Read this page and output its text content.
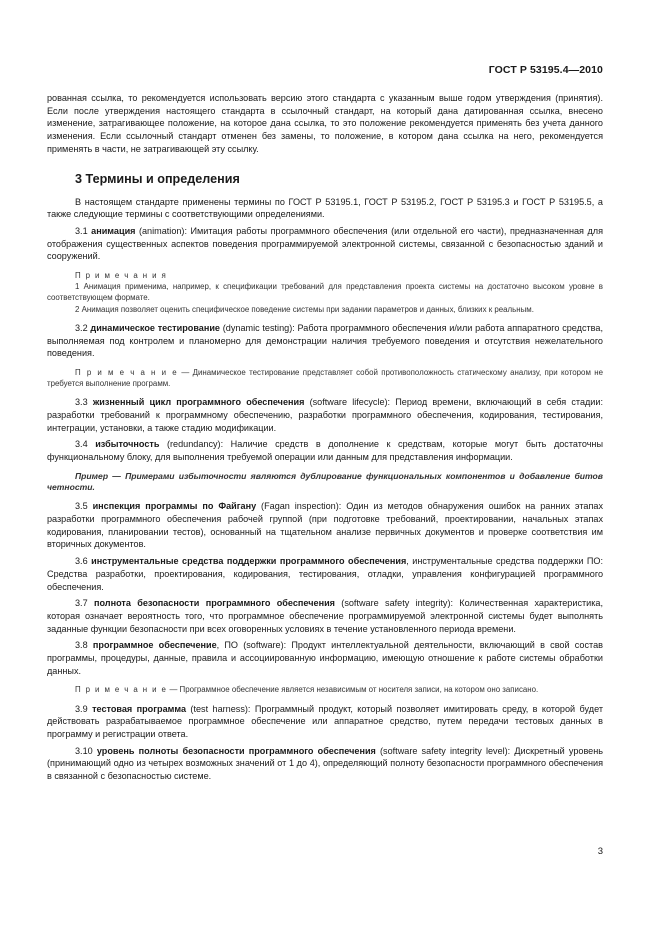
ГОСТ Р 53195.4—2010

рованная ссылка, то рекомендуется использовать версию этого стандарта с указанным выше годом утверждения (принятия). Если после утверждения настоящего стандарта в ссылочный стандарт, на который дана датированная ссылка, внесено изменение, затрагивающее положение, на которое дана ссылка, то это положение рекомендуется применять без учета данного изменения. Если ссылочный стандарт отменен без замены, то положение, в котором дана ссылка на него, рекомендуется применять в части, не затрагивающей эту ссылку.

3 Термины и определения

В настоящем стандарте применены термины по ГОСТ Р 53195.1, ГОСТ Р 53195.2, ГОСТ Р 53195.3 и ГОСТ Р 53195.5, а также следующие термины с соответствующими определениями.

3.1 анимация (animation): Имитация работы программного обеспечения (или отдельной его части), предназначенная для отображения существенных аспектов поведения программируемой электронной системы, связанной с безопасностью зданий и сооружений.

П р и м е ч а н и я

1 Анимация применима, например, к спецификации требований для представления проекта системы на достаточно высоком уровне в соответствующем формате.

2 Анимация позволяет оценить специфическое поведение системы при задании параметров и данных, близких к реальным.

3.2 динамическое тестирование (dynamic testing): Работа программного обеспечения и/или работа аппаратного средства, выполняемая под контролем и планомерно для демонстрации наличия требуемого поведения и отсутствия нежелательного поведения.

П р и м е ч а н и е — Динамическое тестирование представляет собой противоположность статическому анализу, при котором не требуется выполнение программ.

3.3 жизненный цикл программного обеспечения (software lifecycle): Период времени, включающий в себя стадии: разработки требований к программному обеспечению, разработки программного обеспечения, кодирования, тестирования, интеграции, установки, а также стадию модификации.

3.4 избыточность (redundancy): Наличие средств в дополнение к средствам, которые могут быть достаточны функциональному блоку, для выполнения требуемой операции или данным для представления информации.

Пример — Примерами избыточности являются дублирование функциональных компонентов и добавление битов четности.

3.5 инспекция программы по Файгану (Fagan inspection): Один из методов обнаружения ошибок на ранних этапах разработки программного обеспечения рабочей группой (при подготовке требований, проектировании, начальных этапах кодирования, планировании тестов), основанный на тщательном анализе первичных документов и проверке соответствия им вторичных документов.

3.6 инструментальные средства поддержки программного обеспечения, инструментальные средства поддержки ПО: Средства разработки, проектирования, кодирования, тестирования, отладки, управления конфигурацией программного обеспечения.

3.7 полнота безопасности программного обеспечения (software safety integrity): Количественная характеристика, которая означает вероятность того, что программное обеспечение программируемой электронной системы будет выполнять заданные функции безопасности при всех оговоренных условиях в течение установленного периода времени.

3.8 программное обеспечение, ПО (software): Продукт интеллектуальной деятельности, включающий в свой состав программы, процедуры, данные, правила и ассоциированную информацию, имеющую отношение к работе системы обработки данных.

П р и м е ч а н и е — Программное обеспечение является независимым от носителя записи, на котором оно записано.

3.9 тестовая программа (test harness): Программный продукт, который позволяет имитировать среду, в которой будет действовать разрабатываемое программное обеспечение или аппаратное средство, путем передачи тестовых данных в программу и регистрации ответа.

3.10 уровень полноты безопасности программного обеспечения (software safety integrity level): Дискретный уровень (принимающий одно из четырех возможных значений от 1 до 4), определяющий полноту безопасности программного обеспечения в связанной с безопасностью системе.

3
